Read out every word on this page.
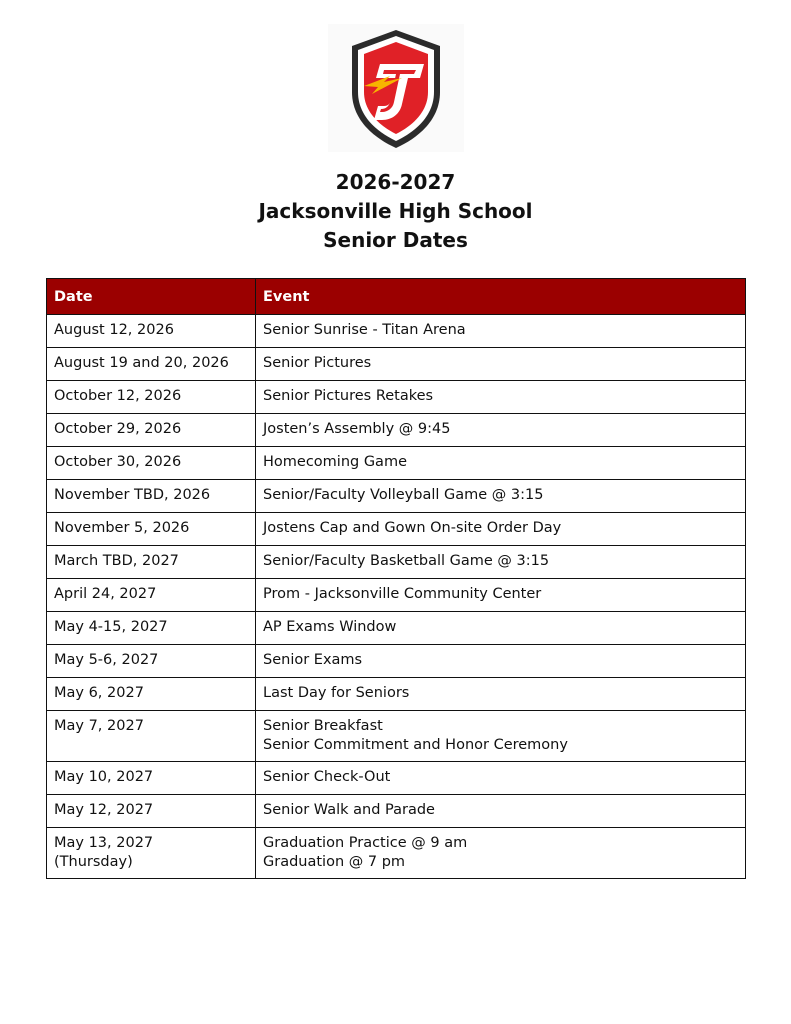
2026-2027
Jacksonville High School
Senior Dates
Date	Event
August 12, 2026	Senior Sunrise - Titan Arena
August 19 and 20, 2026	Senior Pictures
October 12, 2026	Senior Pictures Retakes
October 29, 2026	Josten’s Assembly @ 9:45
October 30, 2026	Homecoming Game
November TBD, 2026	Senior/Faculty Volleyball Game @ 3:15
November 5, 2026	Jostens Cap and Gown On-site Order Day
March TBD, 2027	Senior/Faculty Basketball Game @ 3:15
April 24, 2027	Prom - Jacksonville Community Center
May 4-15, 2027	AP Exams Window
May 5-6, 2027	Senior Exams
May 6, 2027	Last Day for Seniors
May 7, 2027	Senior Breakfast
Senior Commitment and Honor Ceremony

May 10, 2027	Senior Check-Out
May 12, 2027	Senior Walk and Parade

May 13, 2027
(Thursday)	Graduation Practice @ 9 am
Graduation @ 7 pm
